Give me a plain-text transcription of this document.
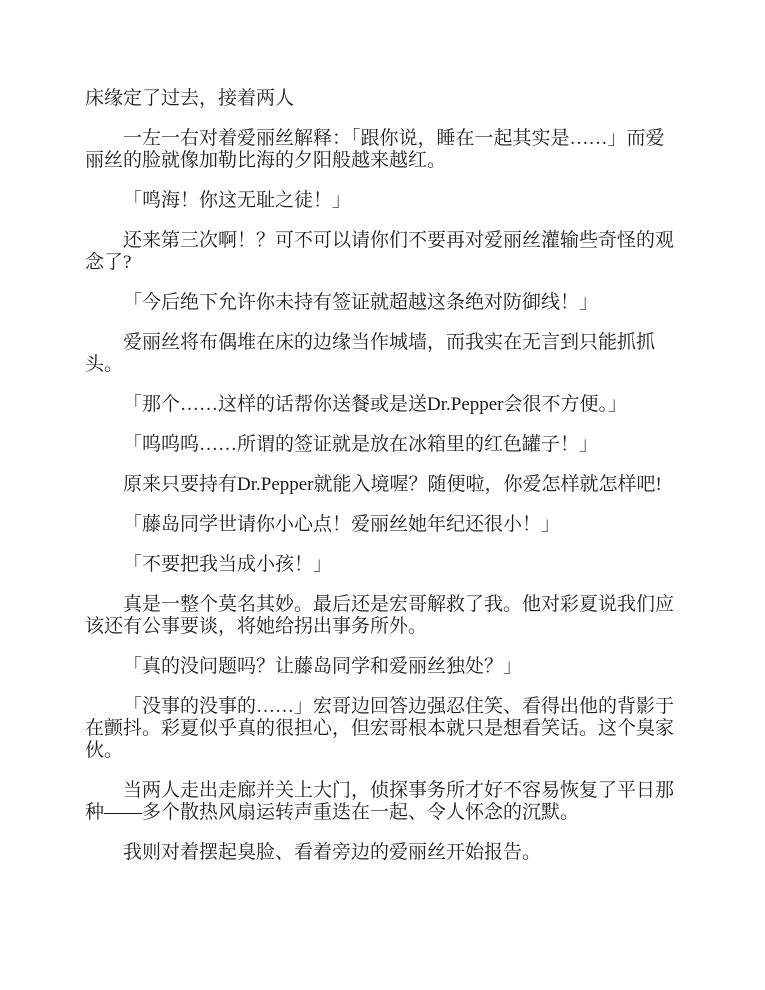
床缘定了过去，接着两人

一左一右对着爱丽丝解释：「跟你说，睡在一起其实是……」而爱丽丝的脸就像加勒比海的夕阳般越来越红。

「鸣海！你这无耻之徒！」

还来第三次啊！？可不可以请你们不要再对爱丽丝灌输些奇怪的观念了?

「今后绝下允许你未持有签证就超越这条绝对防御线！」

爱丽丝将布偶堆在床的边缘当作城墙，而我实在无言到只能抓抓头。

「那个……这样的话帮你送餐或是送Dr.Pepper会很不方便。」

「呜呜呜……所谓的签证就是放在冰箱里的红色罐子！」

原来只要持有Dr.Pepper就能入境喔？随便啦，你爱怎样就怎样吧!

「藤岛同学世请你小心点！爱丽丝她年纪还很小！」

「不要把我当成小孩！」

真是一整个莫名其妙。最后还是宏哥解救了我。他对彩夏说我们应该还有公事要谈，将她给拐出事务所外。

「真的没问题吗？让藤岛同学和爱丽丝独处？」

「没事的没事的……」宏哥边回答边强忍住笑、看得出他的背影于在颤抖。彩夏似乎真的很担心，但宏哥根本就只是想看笑话。这个臭家伙。

当两人走出走廊并关上大门，侦探事务所才好不容易恢复了平日那种——多个散热风扇运转声重迭在一起、令人怀念的沉默。

我则对着摆起臭脸、看着旁边的爱丽丝开始报告。
